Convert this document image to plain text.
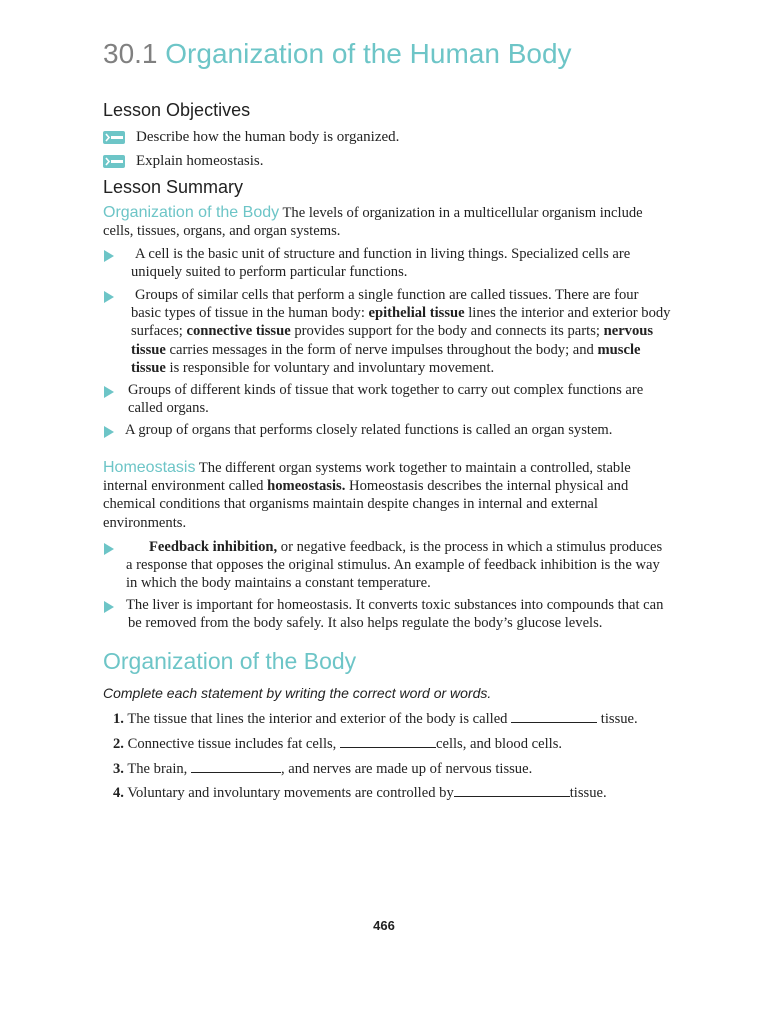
30.1 Organization of the Human Body
Lesson Objectives
Describe how the human body is organized.
Explain homeostasis.
Lesson Summary
Organization of the Body The levels of organization in a multicellular organism include cells, tissues, organs, and organ systems.
A cell is the basic unit of structure and function in living things. Specialized cells are uniquely suited to perform particular functions.
Groups of similar cells that perform a single function are called tissues. There are four basic types of tissue in the human body: epithelial tissue lines the interior and exterior body surfaces; connective tissue provides support for the body and connects its parts; nervous tissue carries messages in the form of nerve impulses throughout the body; and muscle tissue is responsible for voluntary and involuntary movement.
Groups of different kinds of tissue that work together to carry out complex functions are called organs.
A group of organs that performs closely related functions is called an organ system.
Homeostasis The different organ systems work together to maintain a controlled, stable internal environment called homeostasis. Homeostasis describes the internal physical and chemical conditions that organisms maintain despite changes in internal and external environments.
Feedback inhibition, or negative feedback, is the process in which a stimulus produces a response that opposes the original stimulus. An example of feedback inhibition is the way in which the body maintains a constant temperature.
The liver is important for homeostasis. It converts toxic substances into compounds that can be removed from the body safely. It also helps regulate the body’s glucose levels.
Organization of the Body
Complete each statement by writing the correct word or words.
1. The tissue that lines the interior and exterior of the body is called	tissue.
2. Connective tissue includes fat cells,	cells, and blood cells.
3. The brain,	, and nerves are made up of nervous tissue.
4. Voluntary and involuntary movements are controlled by	tissue.
466
